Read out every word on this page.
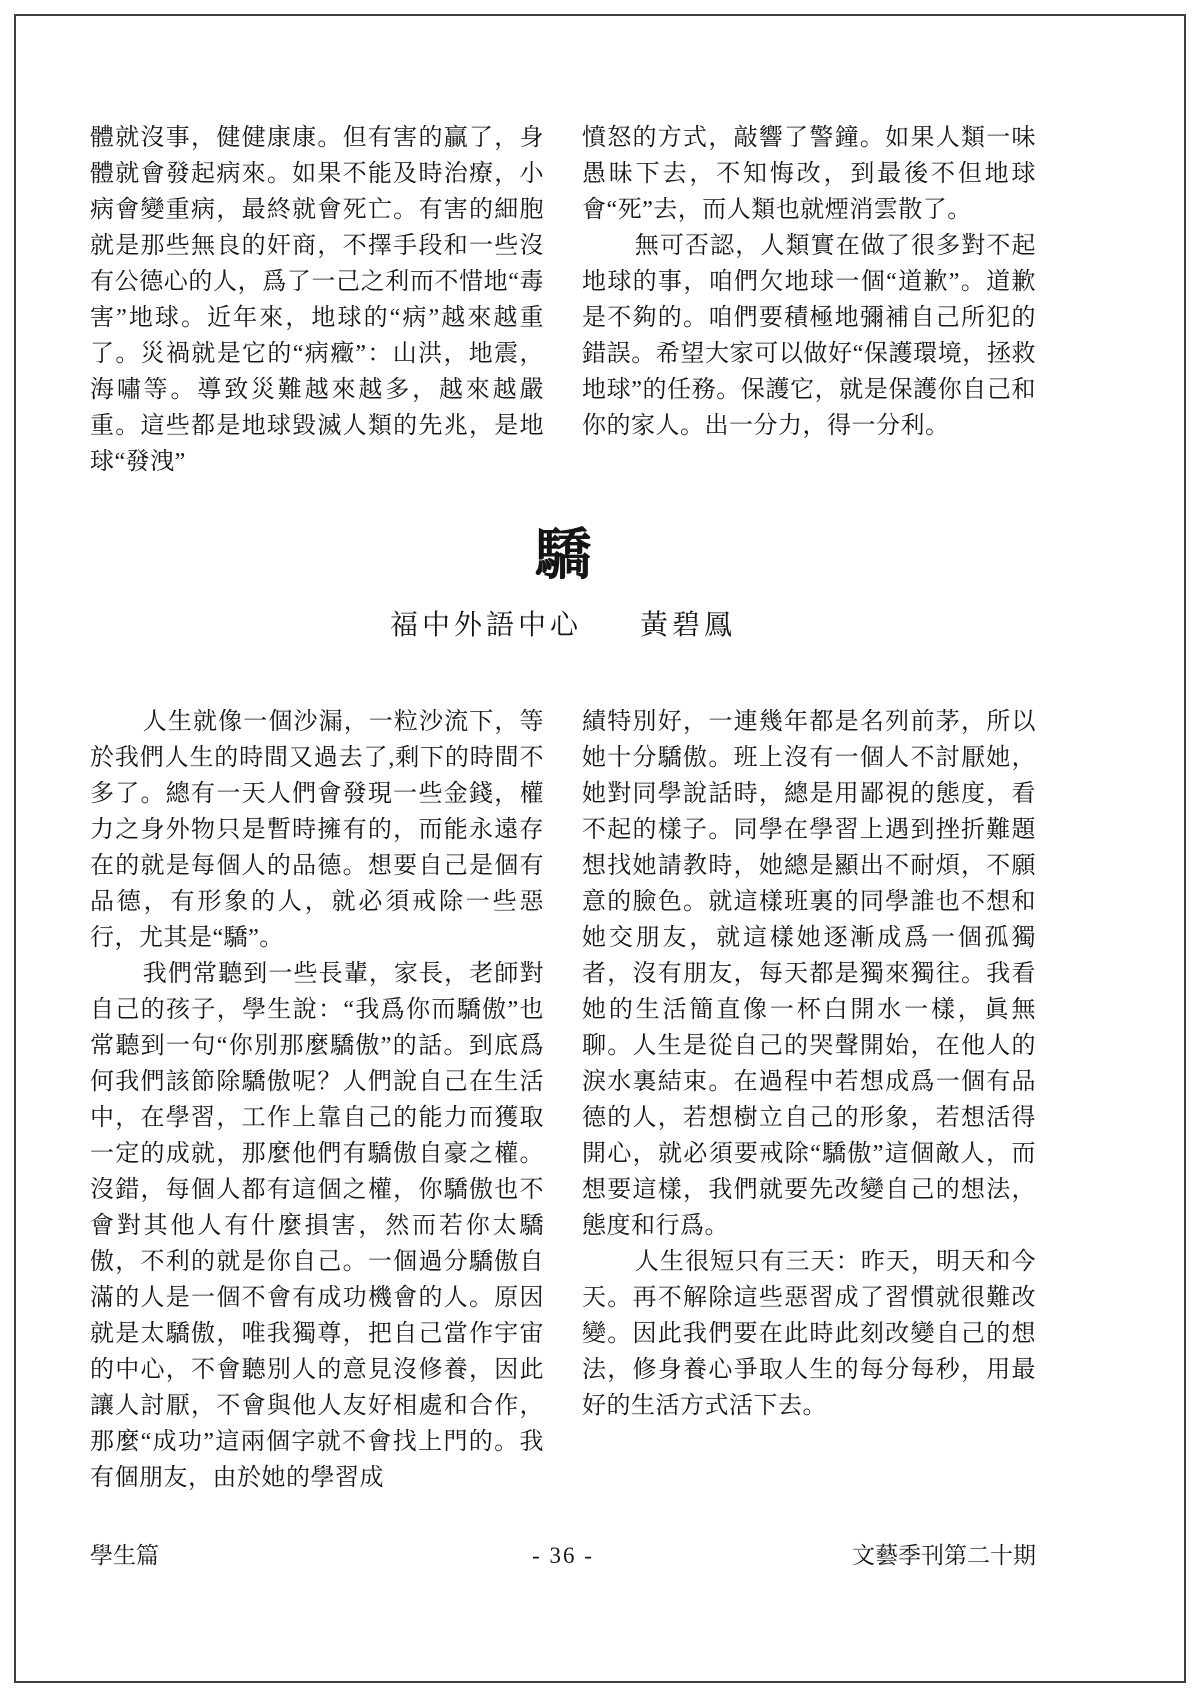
體就沒事，健健康康。但有害的贏了，身體就會發起病來。如果不能及時治療，小病會變重病，最終就會死亡。有害的細胞就是那些無良的奸商，不擇手段和一些沒有公德心的人，爲了一己之利而不惜地“毒害”地球。近年來，地球的“病”越來越重了。災禍就是它的“病癥”：山洪，地震，海嘯等。導致災難越來越多，越來越嚴重。這些都是地球毀滅人類的先兆，是地球“發洩”

憤怒的方式，敲響了警鐘。如果人類一味愚昧下去，不知悔改，到最後不但地球會“死”去，而人類也就煙消雲散了。

無可否認，人類實在做了很多對不起地球的事，咱們欠地球一個“道歉”。道歉是不夠的。咱們要積極地彌補自己所犯的錯誤。希望大家可以做好“保護環境，拯救地球”的任務。保護它，就是保護你自己和你的家人。出一分力，得一分利。

驕
福中外語中心 黃碧鳳

人生就像一個沙漏，一粒沙流下，等於我們人生的時間又過去了,剩下的時間不多了。總有一天人們會發現一些金錢，權力之身外物只是暫時擁有的，而能永遠存在的就是每個人的品德。想要自己是個有品德，有形象的人，就必須戒除一些惡行，尤其是“驕”。

我們常聽到一些長輩，家長，老師對自己的孩子，學生說：“我爲你而驕傲”也常聽到一句“你別那麼驕傲”的話。到底爲何我們該節除驕傲呢？人們說自己在生活中，在學習，工作上靠自己的能力而獲取一定的成就，那麼他們有驕傲自豪之權。沒錯，每個人都有這個之權，你驕傲也不會對其他人有什麼損害，然而若你太驕傲，不利的就是你自己。一個過分驕傲自滿的人是一個不會有成功機會的人。原因就是太驕傲，唯我獨尊，把自己當作宇宙的中心，不會聽別人的意見沒修養，因此讓人討厭，不會與他人友好相處和合作，那麼“成功”這兩個字就不會找上門的。我有個朋友，由於她的學習成

績特別好，一連幾年都是名列前茅，所以她十分驕傲。班上沒有一個人不討厭她，她對同學說話時，總是用鄙視的態度，看不起的樣子。同學在學習上遇到挫折難題想找她請教時，她總是顯出不耐煩，不願意的臉色。就這樣班裏的同學誰也不想和她交朋友，就這樣她逐漸成爲一個孤獨者，沒有朋友，每天都是獨來獨往。我看她的生活簡直像一杯白開水一樣，眞無聊。人生是從自己的哭聲開始，在他人的淚水裏結束。在過程中若想成爲一個有品德的人，若想樹立自己的形象，若想活得開心，就必須要戒除“驕傲”這個敵人，而想要這樣，我們就要先改變自己的想法，態度和行爲。

人生很短只有三天：昨天，明天和今天。再不解除這些惡習成了習慣就很難改變。因此我們要在此時此刻改變自己的想法，修身養心爭取人生的每分每秒，用最好的生活方式活下去。

學生篇	- 36 -	文藝季刊第二十期
